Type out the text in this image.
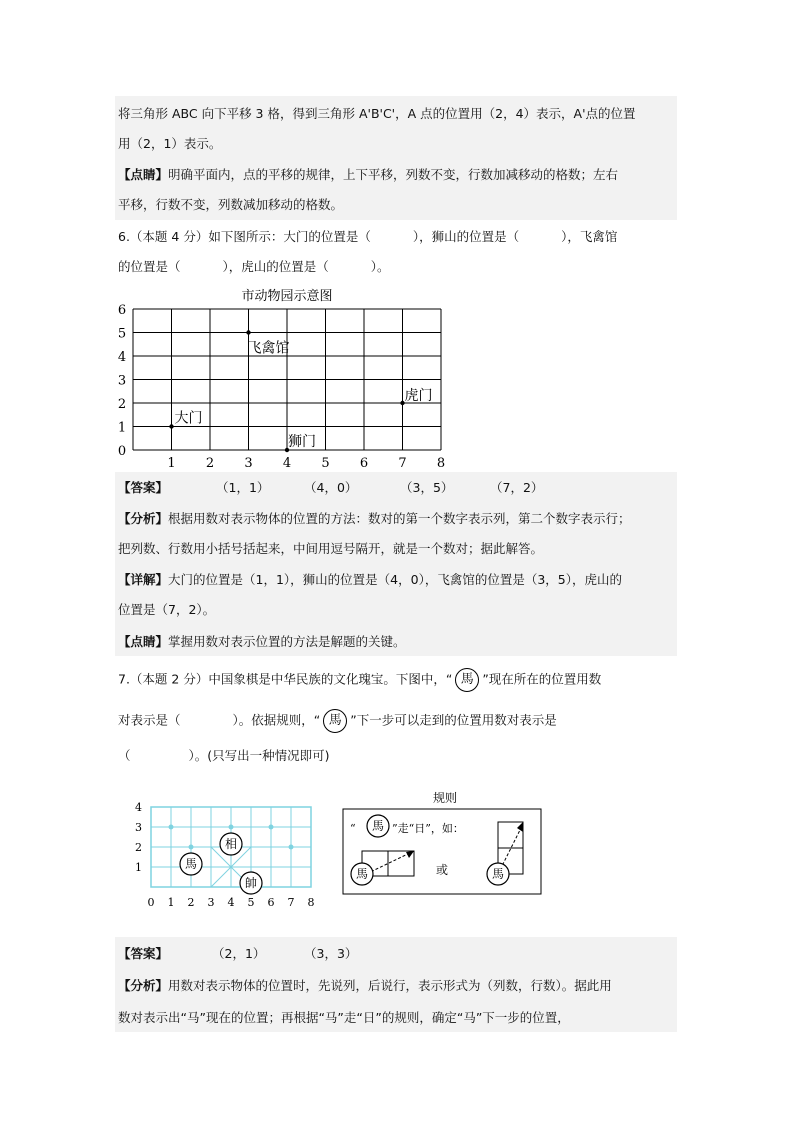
将三角形 ABC 向下平移 3 格，得到三角形 A'B'C'，A 点的位置用（2，4）表示，A'点的位置
用（2，1）表示。
【点睛】明确平面内，点的平移的规律，上下平移，列数不变，行数加减移动的格数；左右
平移，行数不变，列数减加移动的格数。
6.（本题 4 分）如下图所示：大门的位置是（	），狮山的位置是（	），飞禽馆
的位置是（	），虎山的位置是（	）。
市动物园示意图
0
1
2
3
4
5
6
1 2 3 4 5 6 7 8
大门
狮门
飞禽馆
虎门
【答案】	（1，1）	（4，0）	（3，5）	（7，2）
【分析】根据用数对表示物体的位置的方法：数对的第一个数字表示列，第二个数字表示行；
把列数、行数用小括号括起来，中间用逗号隔开，就是一个数对；据此解答。
【详解】大门的位置是（1，1），狮山的位置是（4，0），飞禽馆的位置是（3，5），虎山的
位置是（7，2）。
【点睛】掌握用数对表示位置的方法是解题的关键。
7.（本题 2 分）中国象棋是中华民族的文化瑰宝。下图中，“ 馬 ”现在所在的位置用数
对表示是（	）。依据规则，“ 馬 ”下一步可以走到的位置用数对表示是
（	）。(只写出一种情况即可)
4
3
2
1
0 1 2 3 4 5 6 7 8
馬
相
帥
规则
“ 馬 ”走“日”，如：
馬	或	馬
【答案】	（2，1）	（3，3）
【分析】用数对表示物体的位置时，先说列，后说行，表示形式为（列数，行数）。据此用
数对表示出“马”现在的位置；再根据“马”走“日”的规则，确定“马”下一步的位置，
